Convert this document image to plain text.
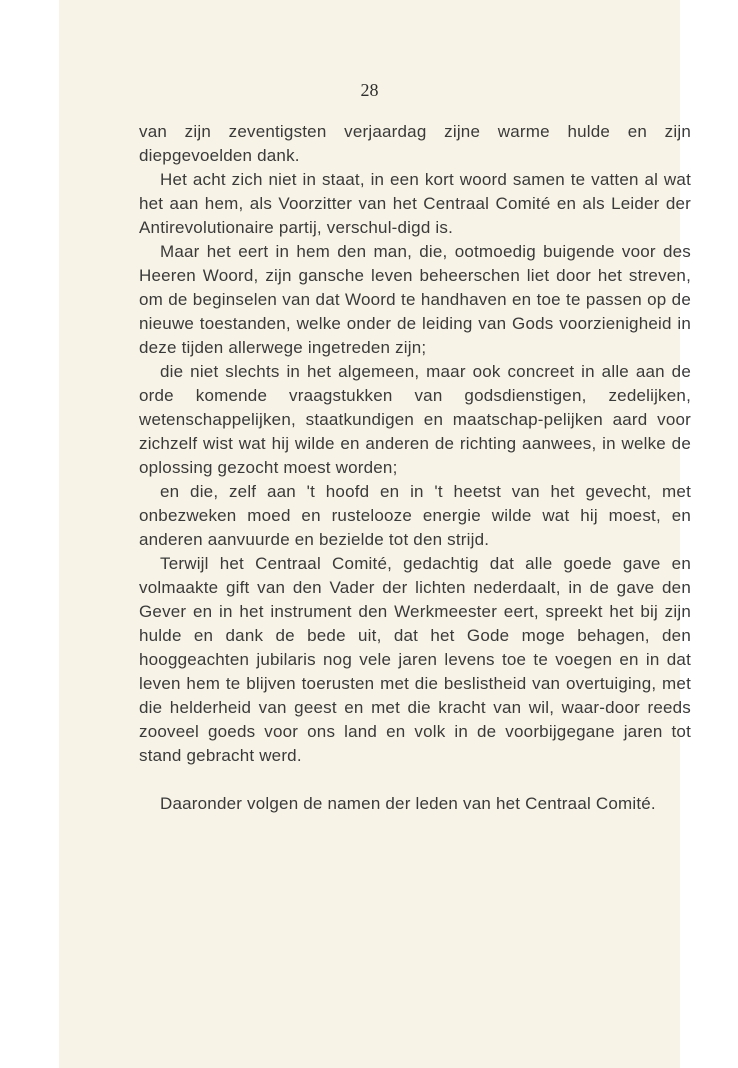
28

van zijn zeventigsten verjaardag zijne warme hulde en zijn diepgevoelden dank.

Het acht zich niet in staat, in een kort woord samen te vatten al wat het aan hem, als Voorzitter van het Centraal Comité en als Leider der Antirevolutionaire partij, verschul-digd is.

Maar het eert in hem den man, die, ootmoedig buigende voor des Heeren Woord, zijn gansche leven beheerschen liet door het streven, om de beginselen van dat Woord te handhaven en toe te passen op de nieuwe toestanden, welke onder de leiding van Gods voorzienigheid in deze tijden allerwege ingetreden zijn;

die niet slechts in het algemeen, maar ook concreet in alle aan de orde komende vraagstukken van godsdienstigen, zedelijken, wetenschappelijken, staatkundigen en maatschap-pelijken aard voor zichzelf wist wat hij wilde en anderen de richting aanwees, in welke de oplossing gezocht moest worden;

en die, zelf aan 't hoofd en in 't heetst van het gevecht, met onbezweken moed en rustelooze energie wilde wat hij moest, en anderen aanvuurde en bezielde tot den strijd.

Terwijl het Centraal Comité, gedachtig dat alle goede gave en volmaakte gift van den Vader der lichten nederdaalt, in de gave den Gever en in het instrument den Werkmeester eert, spreekt het bij zijn hulde en dank de bede uit, dat het Gode moge behagen, den hooggeachten jubilaris nog vele jaren levens toe te voegen en in dat leven hem te blijven toerusten met die beslistheid van overtuiging, met die helderheid van geest en met die kracht van wil, waar-door reeds zooveel goeds voor ons land en volk in de voorbijgegane jaren tot stand gebracht werd.

Daaronder volgen de namen der leden van het Centraal Comité.
